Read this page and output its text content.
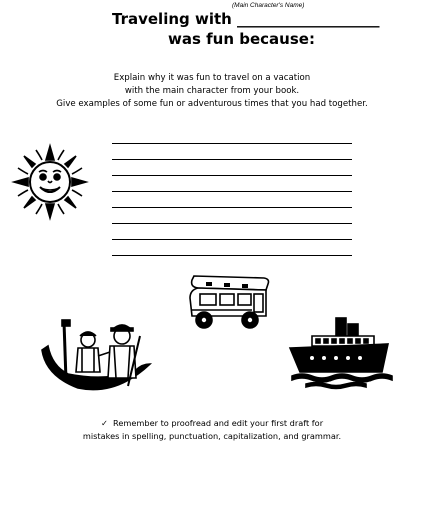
(Main Character's Name)
Traveling with ___________________
was fun because:
Explain why it was fun to travel on a vacation
with the main character from your book.
Give examples of some fun or adventurous times that you had together.
✓ Remember to proofread and edit your first draft for
mistakes in spelling, punctuation, capitalization, and grammar.
